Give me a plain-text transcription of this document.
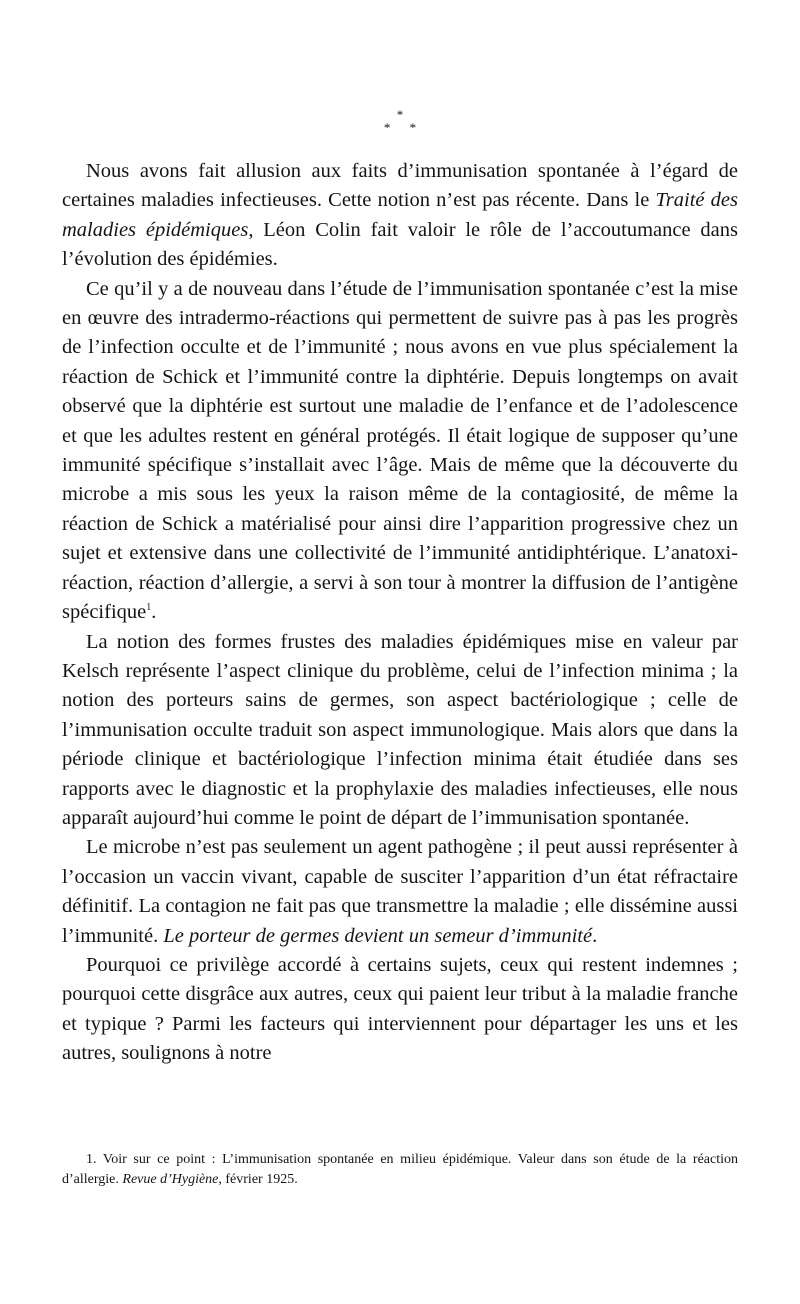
*
* *

Nous avons fait allusion aux faits d’immunisation spontanée à l’égard de certaines maladies infectieuses. Cette notion n’est pas récente. Dans le Traité des maladies épidémiques, Léon Colin fait valoir le rôle de l’accoutumance dans l’évolution des épidémies.

Ce qu’il y a de nouveau dans l’étude de l’immunisation spontanée c’est la mise en œuvre des intradermo-réactions qui permettent de suivre pas à pas les progrès de l’infection occulte et de l’immunité ; nous avons en vue plus spécialement la réaction de Schick et l’immunité contre la diphtérie. Depuis longtemps on avait observé que la diphtérie est surtout une maladie de l’enfance et de l’adolescence et que les adultes restent en général protégés. Il était logique de supposer qu’une immunité spécifique s’installait avec l’âge. Mais de même que la découverte du microbe a mis sous les yeux la raison même de la contagiosité, de même la réaction de Schick a matérialisé pour ainsi dire l’apparition progressive chez un sujet et extensive dans une collectivité de l’immunité antidiphtérique. L’anatoxi-réaction, réaction d’allergie, a servi à son tour à montrer la diffusion de l’antigène spécifique$^1$.

La notion des formes frustes des maladies épidémiques mise en valeur par Kelsch représente l’aspect clinique du problème, celui de l’infection minima ; la notion des porteurs sains de germes, son aspect bactériologique ; celle de l’immunisation occulte traduit son aspect immunologique. Mais alors que dans la période clinique et bactériologique l’infection minima était étudiée dans ses rapports avec le diagnostic et la prophylaxie des maladies infectieuses, elle nous apparaît aujourd’hui comme le point de départ de l’immunisation spontanée.

Le microbe n’est pas seulement un agent pathogène ; il peut aussi représenter à l’occasion un vaccin vivant, capable de susciter l’apparition d’un état réfractaire définitif. La contagion ne fait pas que transmettre la maladie ; elle dissémine aussi l’immunité. Le porteur de germes devient un semeur d’immunité.

Pourquoi ce privilège accordé à certains sujets, ceux qui restent indemnes ; pourquoi cette disgrâce aux autres, ceux qui paient leur tribut à la maladie franche et typique ? Parmi les facteurs qui interviennent pour départager les uns et les autres, soulignons à notre

1. Voir sur ce point : L’immunisation spontanée en milieu épidémique. Valeur dans son étude de la réaction d’allergie. Revue d’Hygiène, février 1925.
